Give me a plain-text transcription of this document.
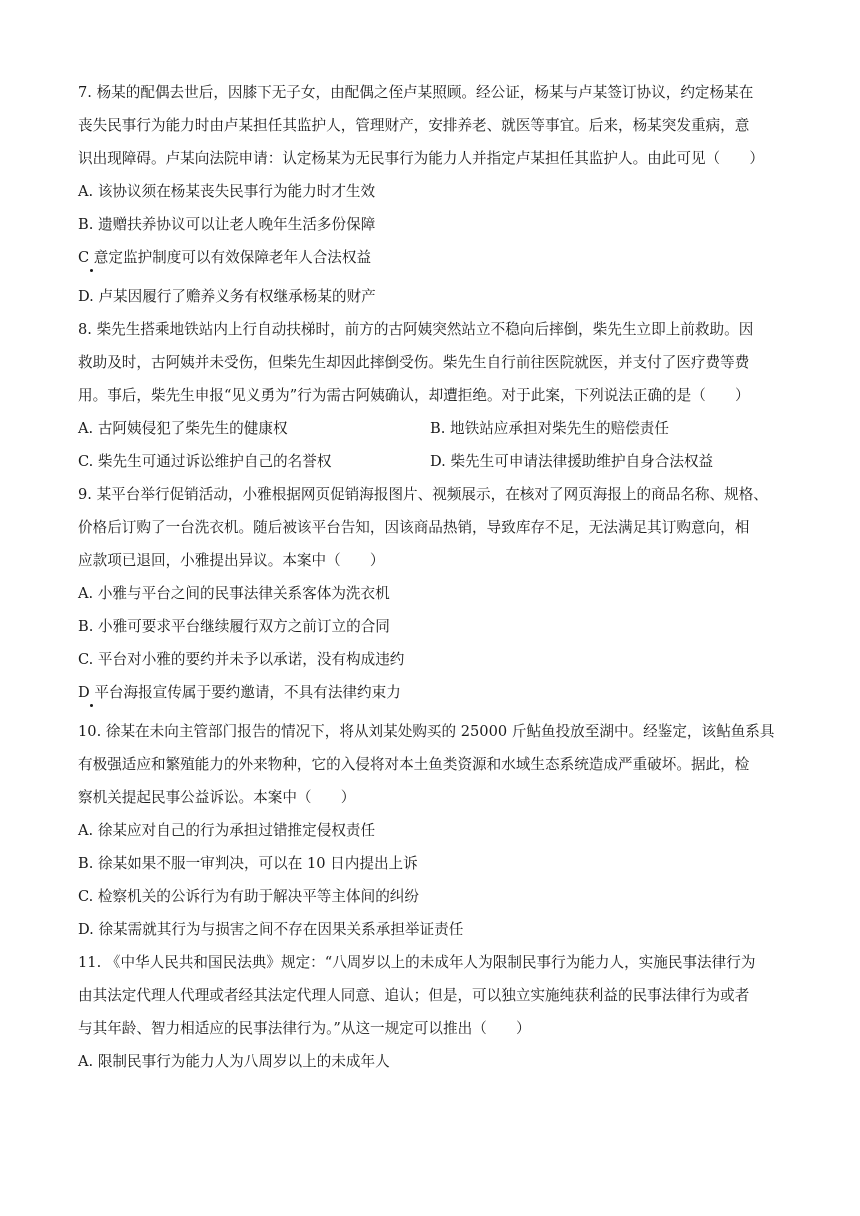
7. 杨某的配偶去世后，因膝下无子女，由配偶之侄卢某照顾。经公证，杨某与卢某签订协议，约定杨某在
丧失民事行为能力时由卢某担任其监护人，管理财产，安排养老、就医等事宜。后来，杨某突发重病，意
识出现障碍。卢某向法院申请：认定杨某为无民事行为能力人并指定卢某担任其监护人。由此可见（　　）
A. 该协议须在杨某丧失民事行为能力时才生效
B. 遗赠扶养协议可以让老人晚年生活多份保障
C 意定监护制度可以有效保障老年人合法权益
D. 卢某因履行了赡养义务有权继承杨某的财产
8. 柴先生搭乘地铁站内上行自动扶梯时，前方的古阿姨突然站立不稳向后摔倒，柴先生立即上前救助。因
救助及时，古阿姨并未受伤，但柴先生却因此摔倒受伤。柴先生自行前往医院就医，并支付了医疗费等费
用。事后，柴先生申报“见义勇为”行为需古阿姨确认，却遭拒绝。对于此案，下列说法正确的是（　　）
A. 古阿姨侵犯了柴先生的健康权	B. 地铁站应承担对柴先生的赔偿责任
C. 柴先生可通过诉讼维护自己的名誉权	D. 柴先生可申请法律援助维护自身合法权益
9. 某平台举行促销活动，小雅根据网页促销海报图片、视频展示，在核对了网页海报上的商品名称、规格、
价格后订购了一台洗衣机。随后被该平台告知，因该商品热销，导致库存不足，无法满足其订购意向，相
应款项已退回，小雅提出异议。本案中（　　）
A. 小雅与平台之间的民事法律关系客体为洗衣机
B. 小雅可要求平台继续履行双方之前订立的合同
C. 平台对小雅的要约并未予以承诺，没有构成违约
D 平台海报宣传属于要约邀请，不具有法律约束力
10. 徐某在未向主管部门报告的情况下，将从刘某处购买的 25000 斤鲇鱼投放至湖中。经鉴定，该鲇鱼系具
有极强适应和繁殖能力的外来物种，它的入侵将对本土鱼类资源和水域生态系统造成严重破坏。据此，检
察机关提起民事公益诉讼。本案中（　　）
A. 徐某应对自己的行为承担过错推定侵权责任
B. 徐某如果不服一审判决，可以在 10 日内提出上诉
C. 检察机关的公诉行为有助于解决平等主体间的纠纷
D. 徐某需就其行为与损害之间不存在因果关系承担举证责任
11. 《中华人民共和国民法典》规定：“八周岁以上的未成年人为限制民事行为能力人，实施民事法律行为
由其法定代理人代理或者经其法定代理人同意、追认；但是，可以独立实施纯获利益的民事法律行为或者
与其年龄、智力相适应的民事法律行为。”从这一规定可以推出（　　）
A. 限制民事行为能力人为八周岁以上的未成年人
